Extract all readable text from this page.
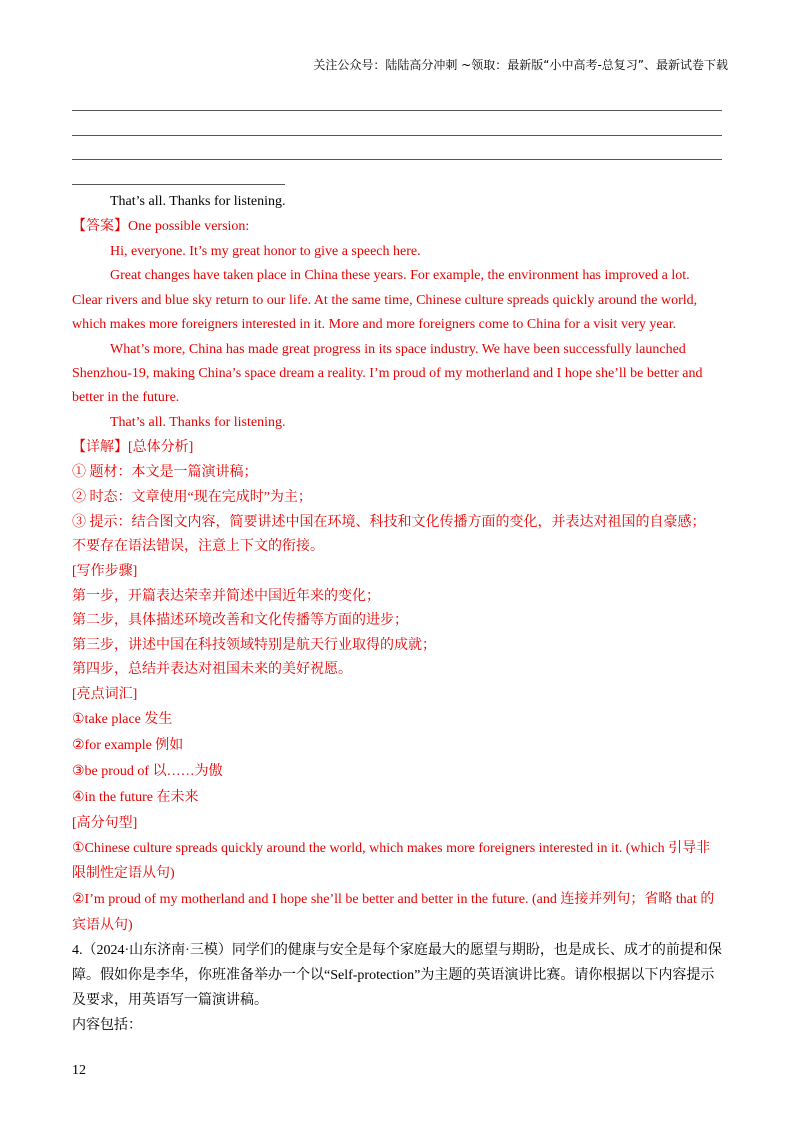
关注公众号：陆陆高分冲刺 ~领取：最新版“小中高考-总复习”、最新试卷下载
That’s all. Thanks for listening.
【答案】One possible version:
Hi, everyone. It’s my great honor to give a speech here.
Great changes have taken place in China these years. For example, the environment has improved a lot.
Clear rivers and blue sky return to our life. At the same time, Chinese culture spreads quickly around the world,
which makes more foreigners interested in it. More and more foreigners come to China for a visit very year.
What’s more, China has made great progress in its space industry. We have been successfully launched
Shenzhou-19, making China’s space dream a reality. I’m proud of my motherland and I hope she’ll be better and
better in the future.
That’s all. Thanks for listening.
【详解】[总体分析]
① 题材：本文是一篇演讲稿；
② 时态：文章使用“现在完成时”为主；
③ 提示：结合图文内容，简要讲述中国在环境、科技和文化传播方面的变化，并表达对祖国的自豪感；
不要存在语法错误，注意上下文的衔接。
[写作步骤]
第一步，开篇表达荣幸并简述中国近年来的变化；
第二步，具体描述环境改善和文化传播等方面的进步；
第三步，讲述中国在科技领域特别是航天行业取得的成就；
第四步，总结并表达对祖国未来的美好祝愿。
[亮点词汇]
①take place 发生
②for example 例如
③be proud of 以……为傲
④in the future 在未来
[高分句型]
①Chinese culture spreads quickly around the world, which makes more foreigners interested in it. (which 引导非
限制性定语从句)
②I’m proud of my motherland and I hope she’ll be better and better in the future. (and 连接并列句；省略 that 的
宾语从句)
4.（2024·山东济南·三模）同学们的健康与安全是每个家庭最大的愿望与期盼，也是成长、成才的前提和保
障。假如你是李华，你班准备举办一个以“Self-protection”为主题的英语演讲比赛。请你根据以下内容提示
及要求，用英语写一篇演讲稿。
内容包括：
12
